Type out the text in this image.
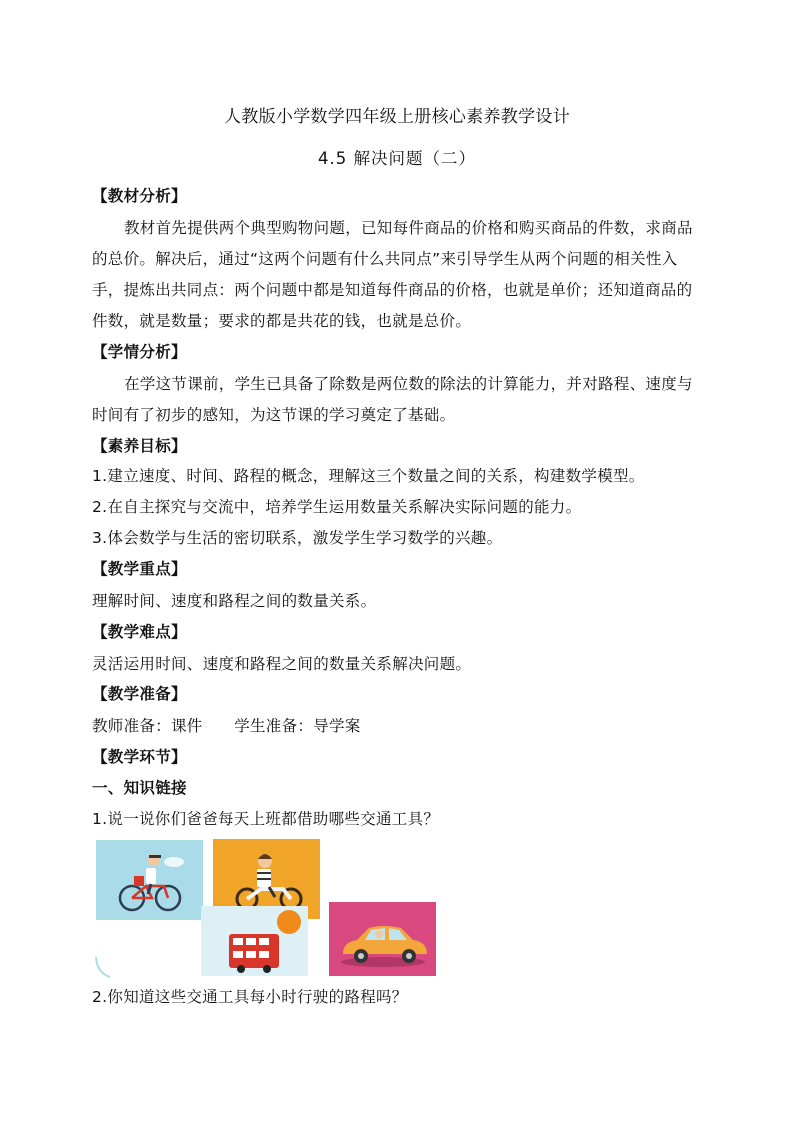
人教版小学数学四年级上册核心素养教学设计
4.5 解决问题（二）
【教材分析】
教材首先提供两个典型购物问题，已知每件商品的价格和购买商品的件数，求商品
的总价。解决后，通过“这两个问题有什么共同点”来引导学生从两个问题的相关性入
手，提炼出共同点：两个问题中都是知道每件商品的价格，也就是单价；还知道商品的
件数，就是数量；要求的都是共花的钱，也就是总价。
【学情分析】
在学这节课前，学生已具备了除数是两位数的除法的计算能力，并对路程、速度与
时间有了初步的感知，为这节课的学习奠定了基础。
【素养目标】
1.建立速度、时间、路程的概念，理解这三个数量之间的关系，构建数学模型。
2.在自主探究与交流中，培养学生运用数量关系解决实际问题的能力。
3.体会数学与生活的密切联系，激发学生学习数学的兴趣。
【教学重点】
理解时间、速度和路程之间的数量关系。
【教学难点】
灵活运用时间、速度和路程之间的数量关系解决问题。
【教学准备】
教师准备：课件　　学生准备：导学案
【教学环节】
一、知识链接
1.说一说你们爸爸每天上班都借助哪些交通工具？
2.你知道这些交通工具每小时行驶的路程吗？
